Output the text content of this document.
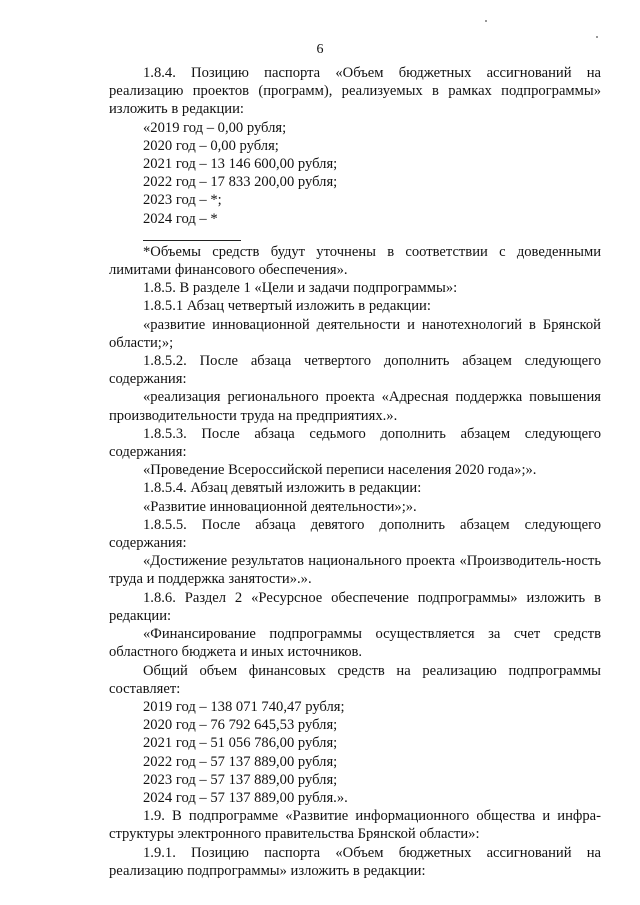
6

1.8.4. Позицию паспорта «Объем бюджетных ассигнований на реализацию проектов (программ), реализуемых в рамках подпрограммы» изложить в редакции:

«2019 год – 0,00 рубля;

2020 год – 0,00 рубля;

2021 год – 13 146 600,00 рубля;

2022 год – 17 833 200,00 рубля;

2023 год – *;

2024 год – *

*Объемы средств будут уточнены в соответствии с доведенными лимитами финансового обеспечения».

1.8.5. В разделе 1 «Цели и задачи подпрограммы»:

1.8.5.1 Абзац четвертый изложить в редакции:

«развитие инновационной деятельности и нанотехнологий в Брянской области;»;

1.8.5.2. После абзаца четвертого дополнить абзацем следующего содержания:

«реализация регионального проекта «Адресная поддержка повышения производительности труда на предприятиях.».

1.8.5.3. После абзаца седьмого дополнить абзацем следующего содержания:

«Проведение Всероссийской переписи населения 2020 года»;».

1.8.5.4. Абзац девятый изложить в редакции:

«Развитие инновационной деятельности»;».

1.8.5.5. После абзаца девятого дополнить абзацем следующего содержания:

«Достижение результатов национального проекта «Производитель-ность труда и поддержка занятости».».

1.8.6. Раздел 2 «Ресурсное обеспечение подпрограммы» изложить в редакции:

«Финансирование подпрограммы осуществляется за счет средств областного бюджета и иных источников.

Общий объем финансовых средств на реализацию подпрограммы составляет:

2019 год – 138 071 740,47 рубля;

2020 год – 76 792 645,53 рубля;

2021 год – 51 056 786,00 рубля;

2022 год – 57 137 889,00 рубля;

2023 год – 57 137 889,00 рубля;

2024 год – 57 137 889,00 рубля.».

1.9. В подпрограмме «Развитие информационного общества и инфра-структуры электронного правительства Брянской области»:

1.9.1. Позицию паспорта «Объем бюджетных ассигнований на реализацию подпрограммы» изложить в редакции:
